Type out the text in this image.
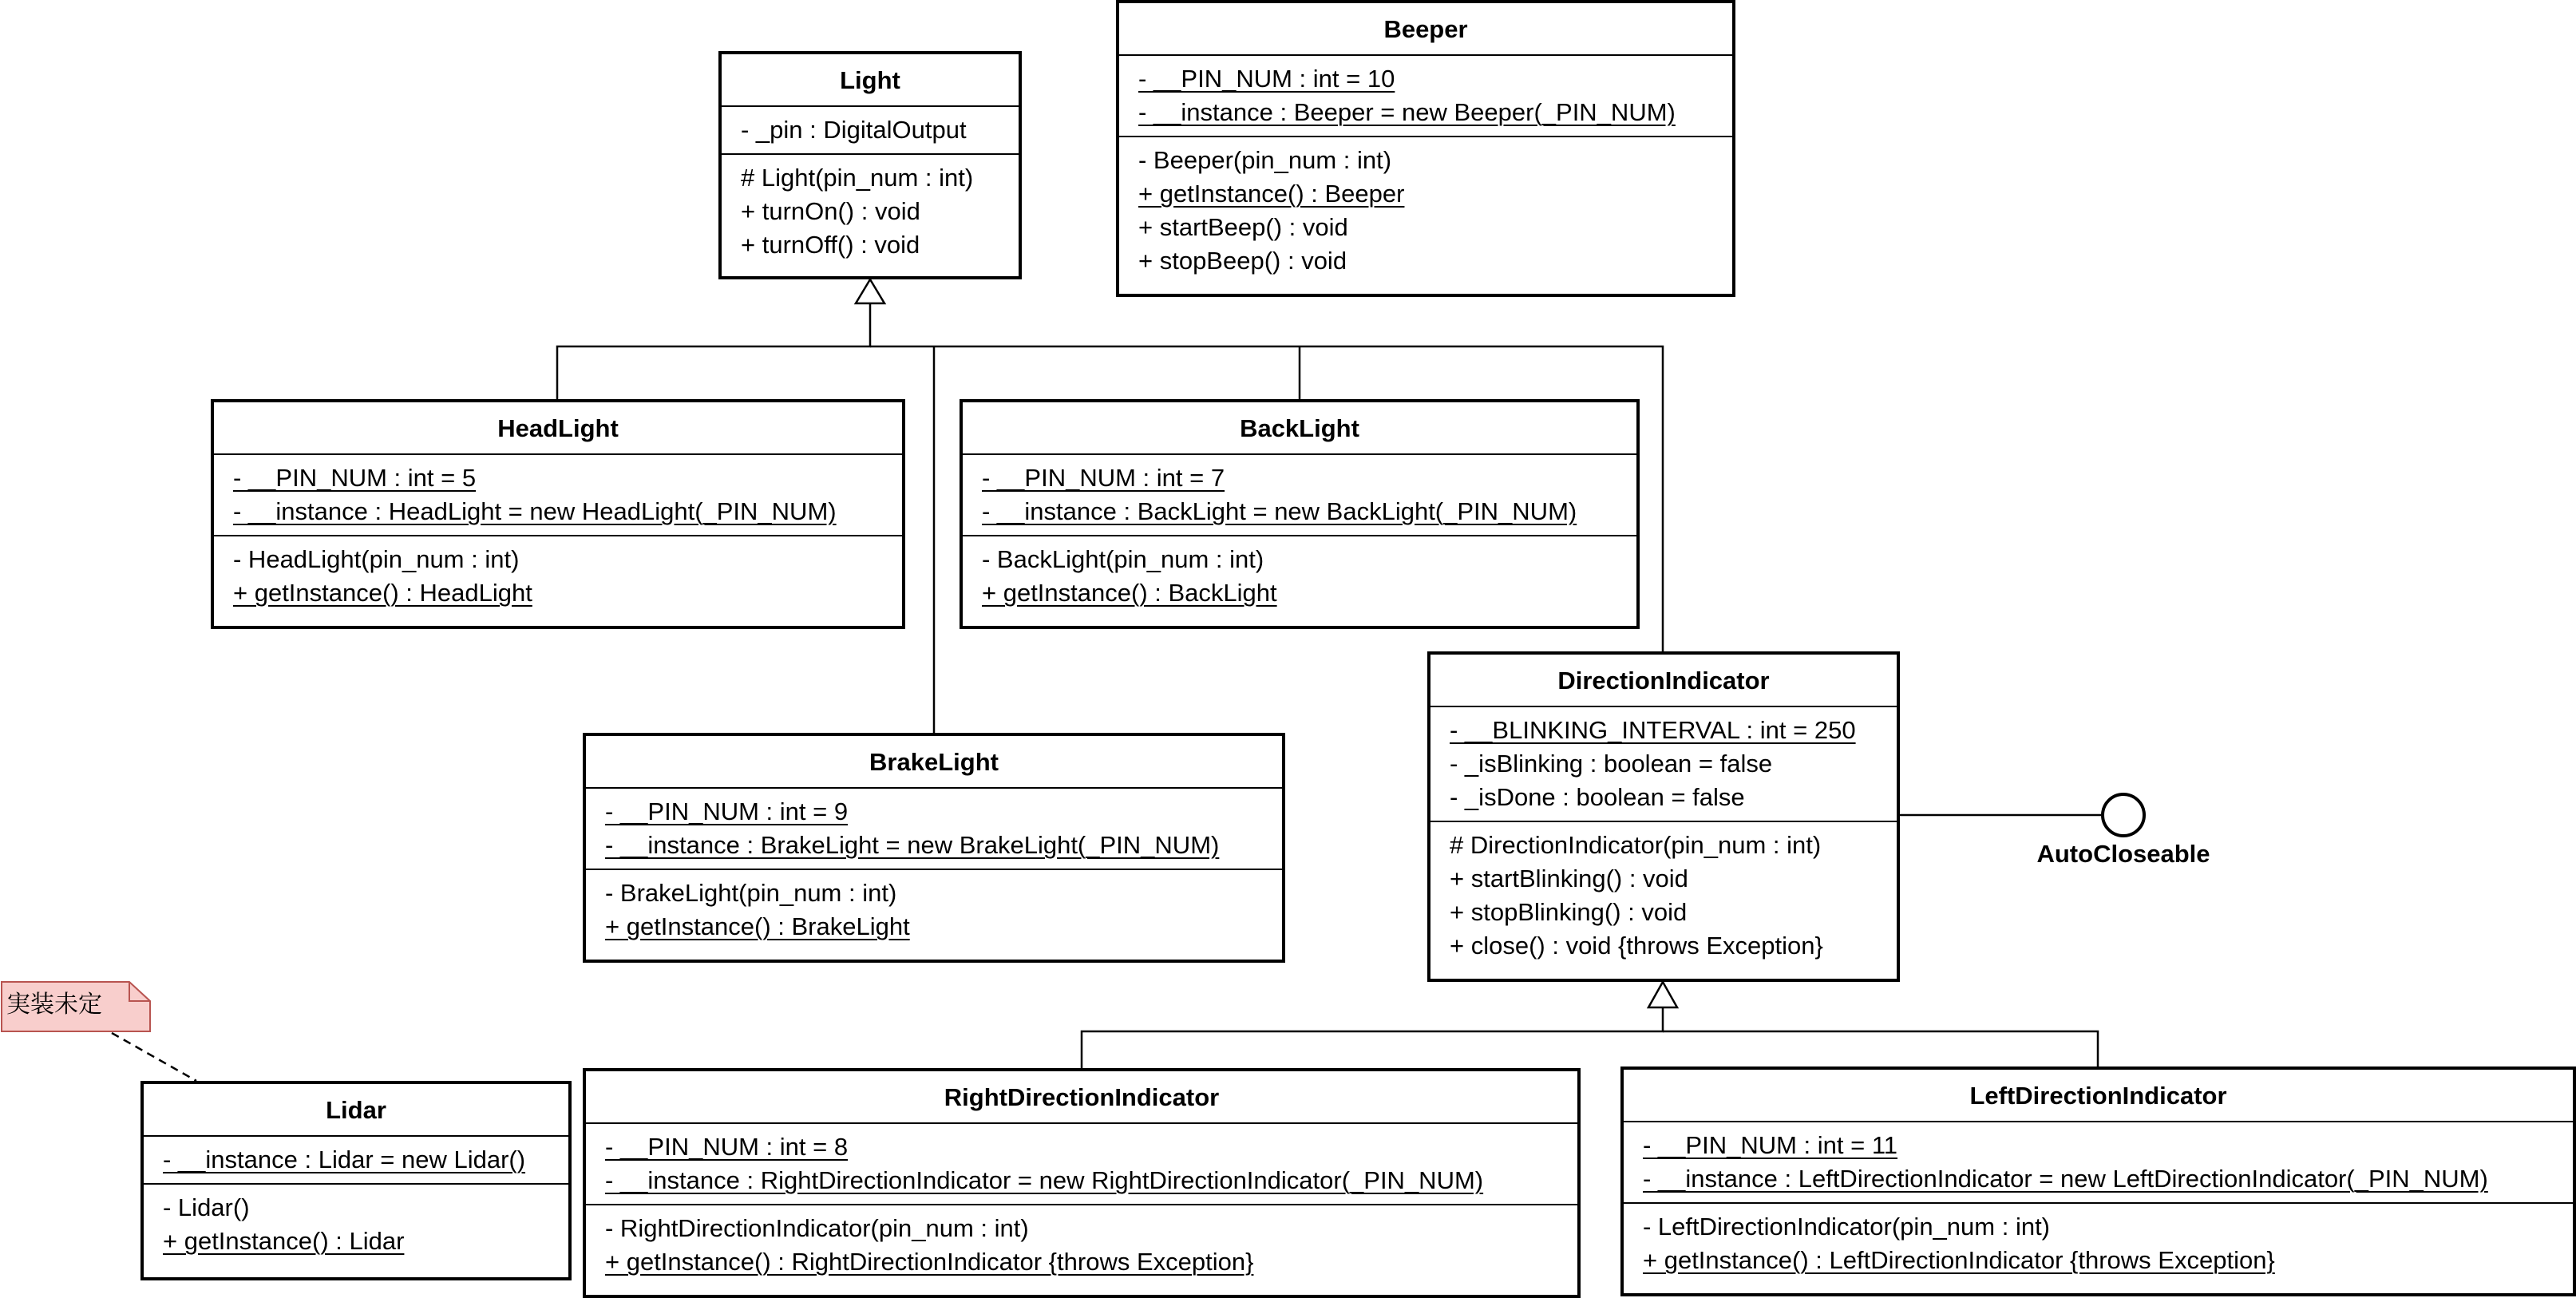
Light
- _pin : DigitalOutput
# Light(pin_num : int)
+ turnOn() : void
+ turnOff() : void
Beeper
- __PIN_NUM : int = 10
- __instance : Beeper = new Beeper(_PIN_NUM)
- Beeper(pin_num : int)
+ getInstance() : Beeper
+ startBeep() : void
+ stopBeep() : void
HeadLight
- __PIN_NUM : int = 5
- __instance : HeadLight = new HeadLight(_PIN_NUM)
- HeadLight(pin_num : int)
+ getInstance() : HeadLight
BackLight
- __PIN_NUM : int = 7
- __instance : BackLight = new BackLight(_PIN_NUM)
- BackLight(pin_num : int)
+ getInstance() : BackLight
DirectionIndicator
- __BLINKING_INTERVAL : int = 250
- _isBlinking : boolean = false
- _isDone : boolean = false
# DirectionIndicator(pin_num : int)
+ startBlinking() : void
+ stopBlinking() : void
+ close() : void {throws Exception}
AutoCloseable
BrakeLight
- __PIN_NUM : int = 9
- __instance : BrakeLight = new BrakeLight(_PIN_NUM)
- BrakeLight(pin_num : int)
+ getInstance() : BrakeLight
実装未定
Lidar
- __instance : Lidar = new Lidar()
- Lidar()
+ getInstance() : Lidar
RightDirectionIndicator
- __PIN_NUM : int = 8
- __instance : RightDirectionIndicator = new RightDirectionIndicator(_PIN_NUM)
- RightDirectionIndicator(pin_num : int)
+ getInstance() : RightDirectionIndicator {throws Exception}
LeftDirectionIndicator
- __PIN_NUM : int = 11
- __instance : LeftDirectionIndicator = new LeftDirectionIndicator(_PIN_NUM)
- LeftDirectionIndicator(pin_num : int)
+ getInstance() : LeftDirectionIndicator {throws Exception}
